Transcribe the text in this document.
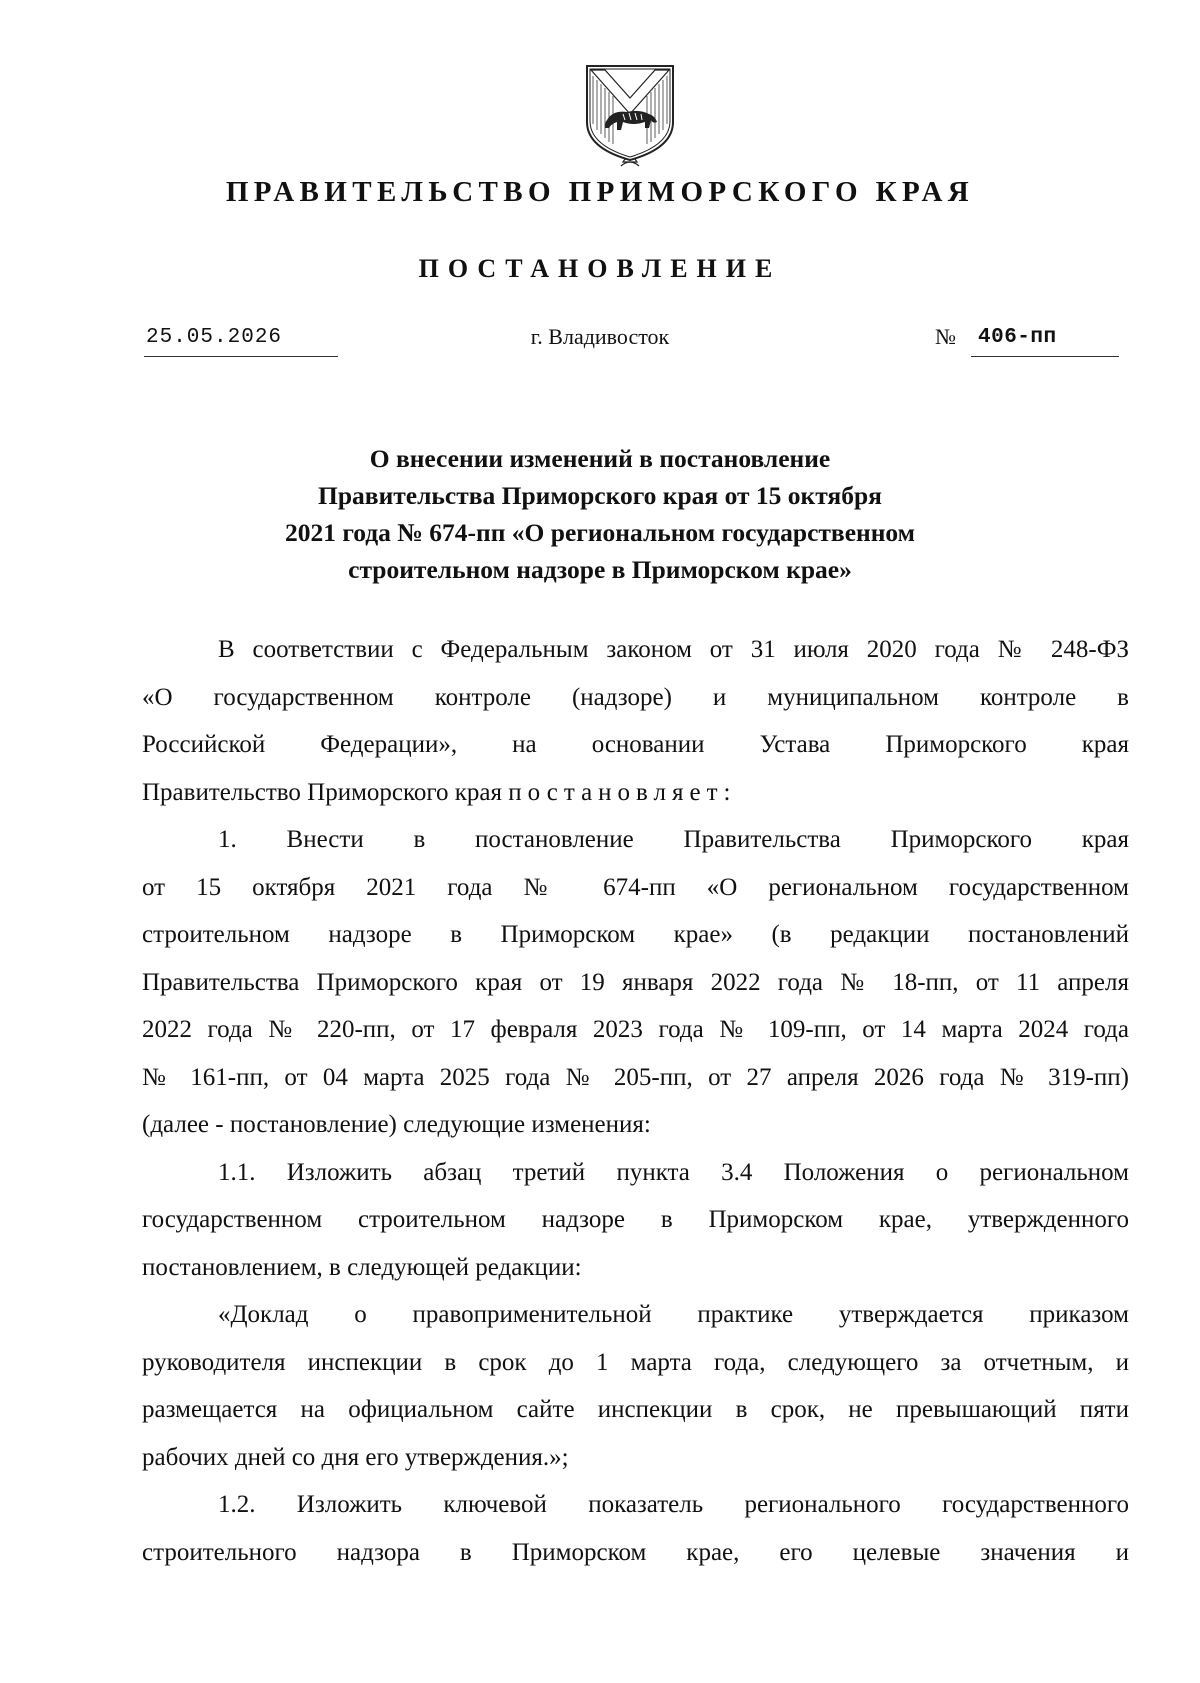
ПРАВИТЕЛЬСТВО ПРИМОРСКОГО КРАЯ
ПОСТАНОВЛЕНИЕ
25.05.2026	г. Владивосток	№ 406-пп
О внесении изменений в постановление
Правительства Приморского края от 15 октября
2021 года № 674-пп «О региональном государственном
строительном надзоре в Приморском крае»
В соответствии с Федеральным законом от 31 июля 2020 года № 248-ФЗ
«О государственном контроле (надзоре) и муниципальном контроле в
Российской Федерации», на основании Устава Приморского края
Правительство Приморского края постановляет:
1. Внести в постановление Правительства Приморского края
от 15 октября 2021 года № 674-пп «О региональном государственном
строительном надзоре в Приморском крае» (в редакции постановлений
Правительства Приморского края от 19 января 2022 года № 18-пп, от 11 апреля
2022 года № 220-пп, от 17 февраля 2023 года № 109-пп, от 14 марта 2024 года
№ 161-пп, от 04 марта 2025 года № 205-пп, от 27 апреля 2026 года № 319-пп)
(далее - постановление) следующие изменения:
1.1. Изложить абзац третий пункта 3.4 Положения о региональном
государственном строительном надзоре в Приморском крае, утвержденного
постановлением, в следующей редакции:
«Доклад о правоприменительной практике утверждается приказом
руководителя инспекции в срок до 1 марта года, следующего за отчетным, и
размещается на официальном сайте инспекции в срок, не превышающий пяти
рабочих дней со дня его утверждения.»;
1.2. Изложить ключевой показатель регионального государственного
строительного надзора в Приморском крае, его целевые значения и
